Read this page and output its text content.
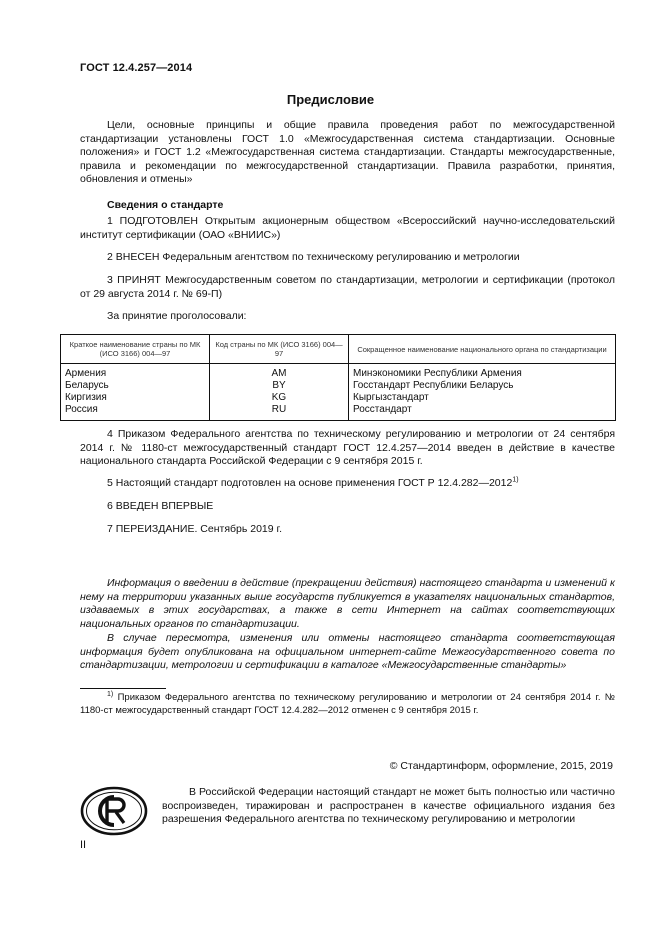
ГОСТ 12.4.257—2014
Предисловие
Цели, основные принципы и общие правила проведения работ по межгосударственной стандартизации установлены ГОСТ 1.0 «Межгосударственная система стандартизации. Основные положения» и ГОСТ 1.2 «Межгосударственная система стандартизации. Стандарты межгосударственные, правила и рекомендации по межгосударственной стандартизации. Правила разработки, принятия, обновления и отмены»
Сведения о стандарте
1 ПОДГОТОВЛЕН Открытым акционерным обществом «Всероссийский научно-исследовательский институт сертификации (ОАО «ВНИИС»)
2 ВНЕСЕН Федеральным агентством по техническому регулированию и метрологии
3 ПРИНЯТ Межгосударственным советом по стандартизации, метрологии и сертификации (протокол от 29 августа 2014 г. № 69-П)
За принятие проголосовали:
Краткое наименование страны по МК (ИСО 3166) 004—97	Код страны по МК (ИСО 3166) 004—97	Сокращенное наименование национального органа по стандартизации
Армения	AM	Минэкономики Республики Армения
Беларусь	BY	Госстандарт Республики Беларусь
Киргизия	KG	Кыргызстандарт
Россия	RU	Росстандарт
4 Приказом Федерального агентства по техническому регулированию и метрологии от 24 сентября 2014 г. № 1180-ст межгосударственный стандарт ГОСТ 12.4.257—2014 введен в действие в качестве национального стандарта Российской Федерации с 9 сентября 2015 г.
5 Настоящий стандарт подготовлен на основе применения ГОСТ Р 12.4.282—2012$^{1)}$
6 ВВЕДЕН ВПЕРВЫЕ
7 ПЕРЕИЗДАНИЕ. Сентябрь 2019 г.
Информация о введении в действие (прекращении действия) настоящего стандарта и изменений к нему на территории указанных выше государств публикуется в указателях национальных стандартов, издаваемых в этих государствах, а также в сети Интернет на сайтах соответствующих национальных органов по стандартизации.
В случае пересмотра, изменения или отмены настоящего стандарта соответствующая информация будет опубликована на официальном интернет-сайте Межгосударственного совета по стандартизации, метрологии и сертификации в каталоге «Межгосударственные стандарты»
$^{1)}$ Приказом Федерального агентства по техническому регулированию и метрологии от 24 сентября 2014 г. № 1180-ст межгосударственный стандарт ГОСТ 12.4.282—2012 отменен с 9 сентября 2015 г.
© Стандартинформ, оформление, 2015, 2019
В Российской Федерации настоящий стандарт не может быть полностью или частично воспроизведен, тиражирован и распространен в качестве официального издания без разрешения Федерального агентства по техническому регулированию и метрологии
II
